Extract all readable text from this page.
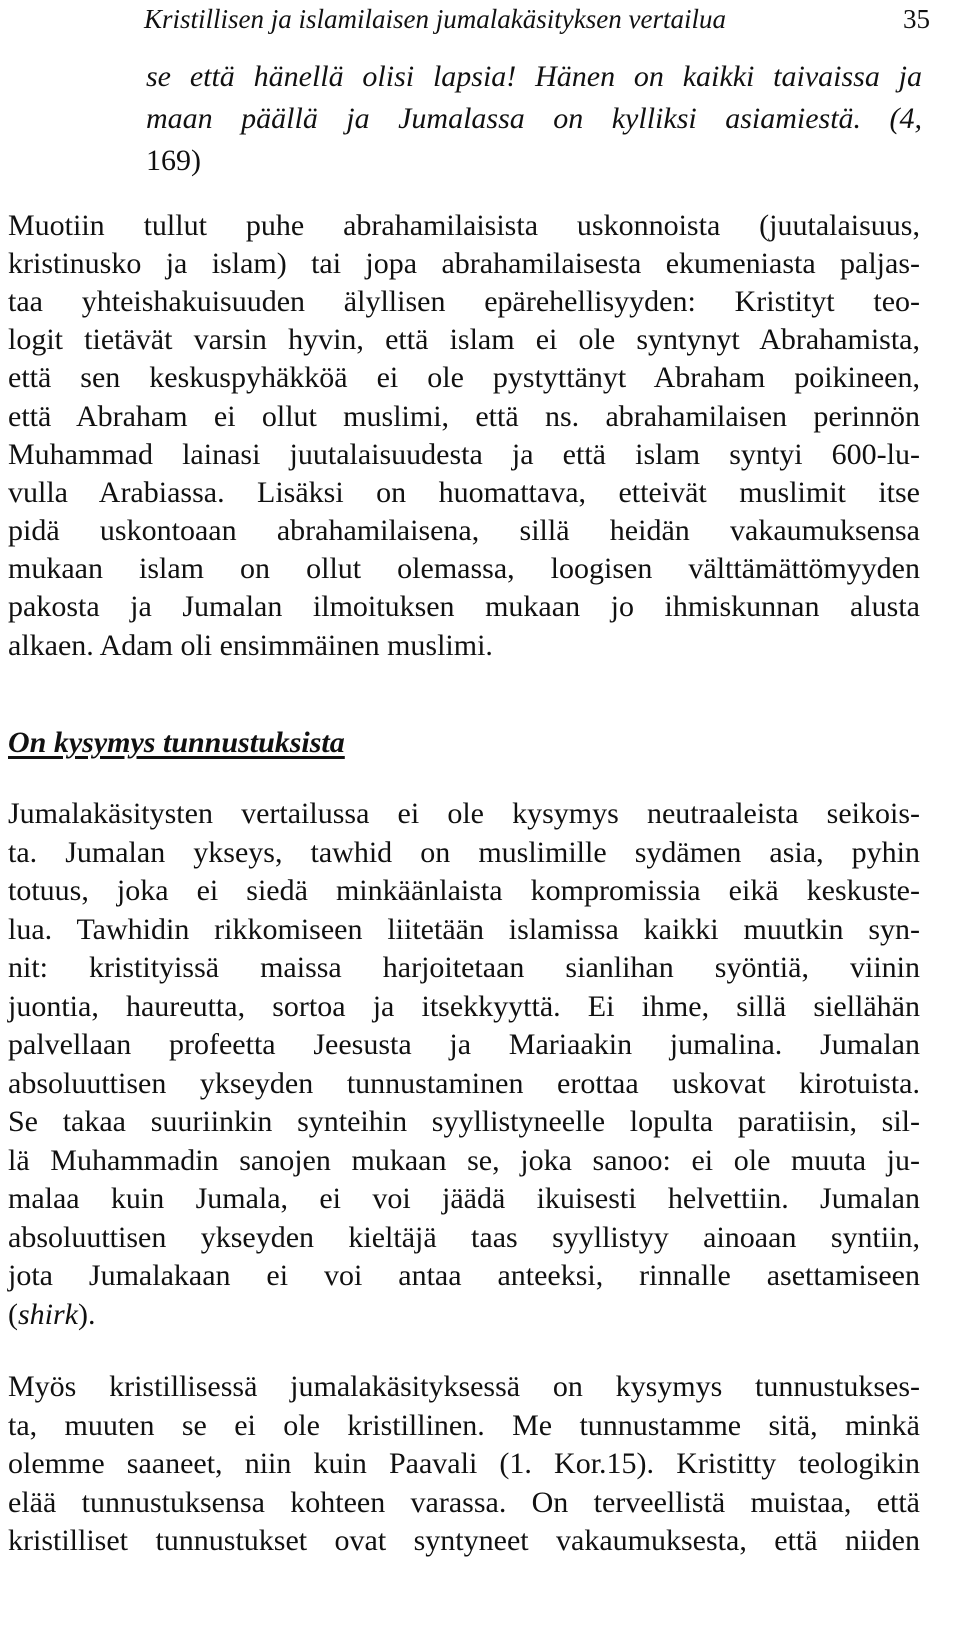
Kristillisen ja islamilaisen jumalakäsityksen vertailua	35
se että hänellä olisi lapsia! Hänen on kaikki taivaissa ja
maan päällä ja Jumalassa on kylliksi asiamiestä. (4,
169)
Muotiin tullut puhe abrahamilaisista uskonnoista (juutalaisuus,
kristinusko ja islam) tai jopa abrahamilaisesta ekumeniasta paljas-
taa yhteishakuisuuden älyllisen epärehellisyyden: Kristityt teo-
logit tietävät varsin hyvin, että islam ei ole syntynyt Abrahamista,
että sen keskuspyhäkköä ei ole pystyttänyt Abraham poikineen,
että Abraham ei ollut muslimi, että ns. abrahamilaisen perinnön
Muhammad lainasi juutalaisuudesta ja että islam syntyi 600-lu-
vulla Arabiassa. Lisäksi on huomattava, etteivät muslimit itse
pidä uskontoaan abrahamilaisena, sillä heidän vakaumuksensa
mukaan islam on ollut olemassa, loogisen välttämättömyyden
pakosta ja Jumalan ilmoituksen mukaan jo ihmiskunnan alusta
alkaen. Adam oli ensimmäinen muslimi.
On kysymys tunnustuksista
Jumalakäsitysten vertailussa ei ole kysymys neutraaleista seikois-
ta. Jumalan ykseys, tawhid on muslimille sydämen asia, pyhin
totuus, joka ei siedä minkäänlaista kompromissia eikä keskuste-
lua. Tawhidin rikkomiseen liitetään islamissa kaikki muutkin syn-
nit: kristityissä maissa harjoitetaan sianlihan syöntiä, viinin
juontia, haureutta, sortoa ja itsekkyyttä. Ei ihme, sillä siellähän
palvellaan profeetta Jeesusta ja Mariaakin jumalina. Jumalan
absoluuttisen ykseyden tunnustaminen erottaa uskovat kirotuista.
Se takaa suuriinkin synteihin syyllistyneelle lopulta paratiisin, sil-
lä Muhammadin sanojen mukaan se, joka sanoo: ei ole muuta ju-
malaa kuin Jumala, ei voi jäädä ikuisesti helvettiin. Jumalan
absoluuttisen ykseyden kieltäjä taas syyllistyy ainoaan syntiin,
jota Jumalakaan ei voi antaa anteeksi, rinnalle asettamiseen
(shirk).
Myös kristillisessä jumalakäsityksessä on kysymys tunnustukses-
ta, muuten se ei ole kristillinen. Me tunnustamme sitä, minkä
olemme saaneet, niin kuin Paavali (1. Kor.15). Kristitty teologikin
elää tunnustuksensa kohteen varassa. On terveellistä muistaa, että
kristilliset tunnustukset ovat syntyneet vakaumuksesta, että niiden
